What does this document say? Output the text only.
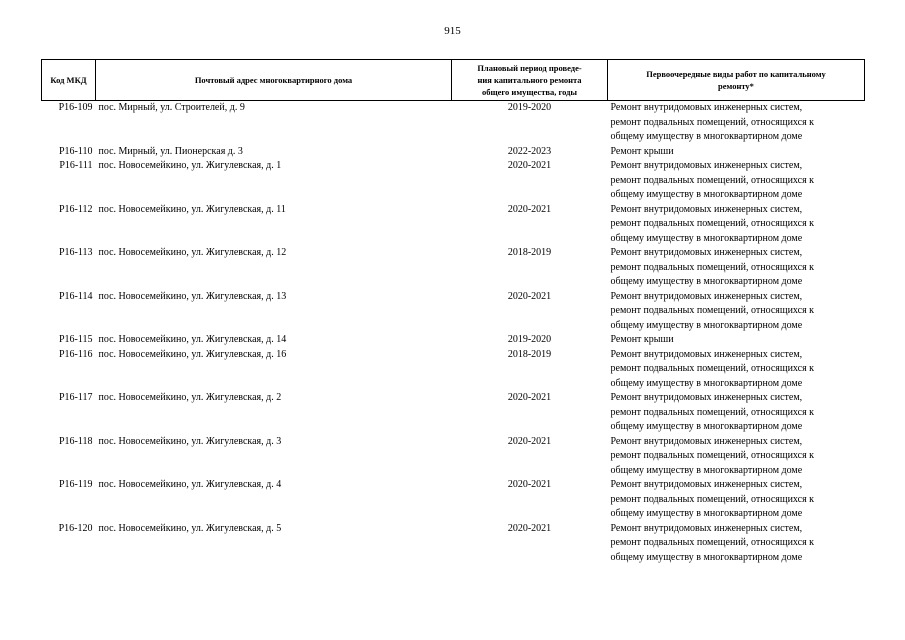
915
Код МКД	Почтовый адрес многоквартирного дома	Плановый период проведе-
ния капитального ремонта
общего имущества, годы	Первоочередные виды работ по капитальному
ремонту*

Р16-109	пос. Мирный, ул. Строителей, д. 9	2019-2020	Ремонт внутридомовых инженерных систем,
ремонт подвальных помещений, относящихся к
общему имуществу в многоквартирном доме

Р16-110	пос. Мирный, ул. Пионерская д. 3	2022-2023	Ремонт крыши

Р16-111	пос. Новосемейкино, ул. Жигулевская, д. 1	2020-2021	Ремонт внутридомовых инженерных систем,
ремонт подвальных помещений, относящихся к
общему имуществу в многоквартирном доме

Р16-112	пос. Новосемейкино, ул. Жигулевская, д. 11	2020-2021	Ремонт внутридомовых инженерных систем,
ремонт подвальных помещений, относящихся к
общему имуществу в многоквартирном доме

Р16-113	пос. Новосемейкино, ул. Жигулевская, д. 12	2018-2019	Ремонт внутридомовых инженерных систем,
ремонт подвальных помещений, относящихся к
общему имуществу в многоквартирном доме

Р16-114	пос. Новосемейкино, ул. Жигулевская, д. 13	2020-2021	Ремонт внутридомовых инженерных систем,
ремонт подвальных помещений, относящихся к
общему имуществу в многоквартирном доме

Р16-115	пос. Новосемейкино, ул. Жигулевская, д. 14	2019-2020	Ремонт крыши

Р16-116	пос. Новосемейкино, ул. Жигулевская, д. 16	2018-2019	Ремонт внутридомовых инженерных систем,
ремонт подвальных помещений, относящихся к
общему имуществу в многоквартирном доме

Р16-117	пос. Новосемейкино, ул. Жигулевская, д. 2	2020-2021	Ремонт внутридомовых инженерных систем,
ремонт подвальных помещений, относящихся к
общему имуществу в многоквартирном доме

Р16-118	пос. Новосемейкино, ул. Жигулевская, д. 3	2020-2021	Ремонт внутридомовых инженерных систем,
ремонт подвальных помещений, относящихся к
общему имуществу в многоквартирном доме

Р16-119	пос. Новосемейкино, ул. Жигулевская, д. 4	2020-2021	Ремонт внутридомовых инженерных систем,
ремонт подвальных помещений, относящихся к
общему имуществу в многоквартирном доме

Р16-120	пос. Новосемейкино, ул. Жигулевская, д. 5	2020-2021	Ремонт внутридомовых инженерных систем,
ремонт подвальных помещений, относящихся к
общему имуществу в многоквартирном доме
